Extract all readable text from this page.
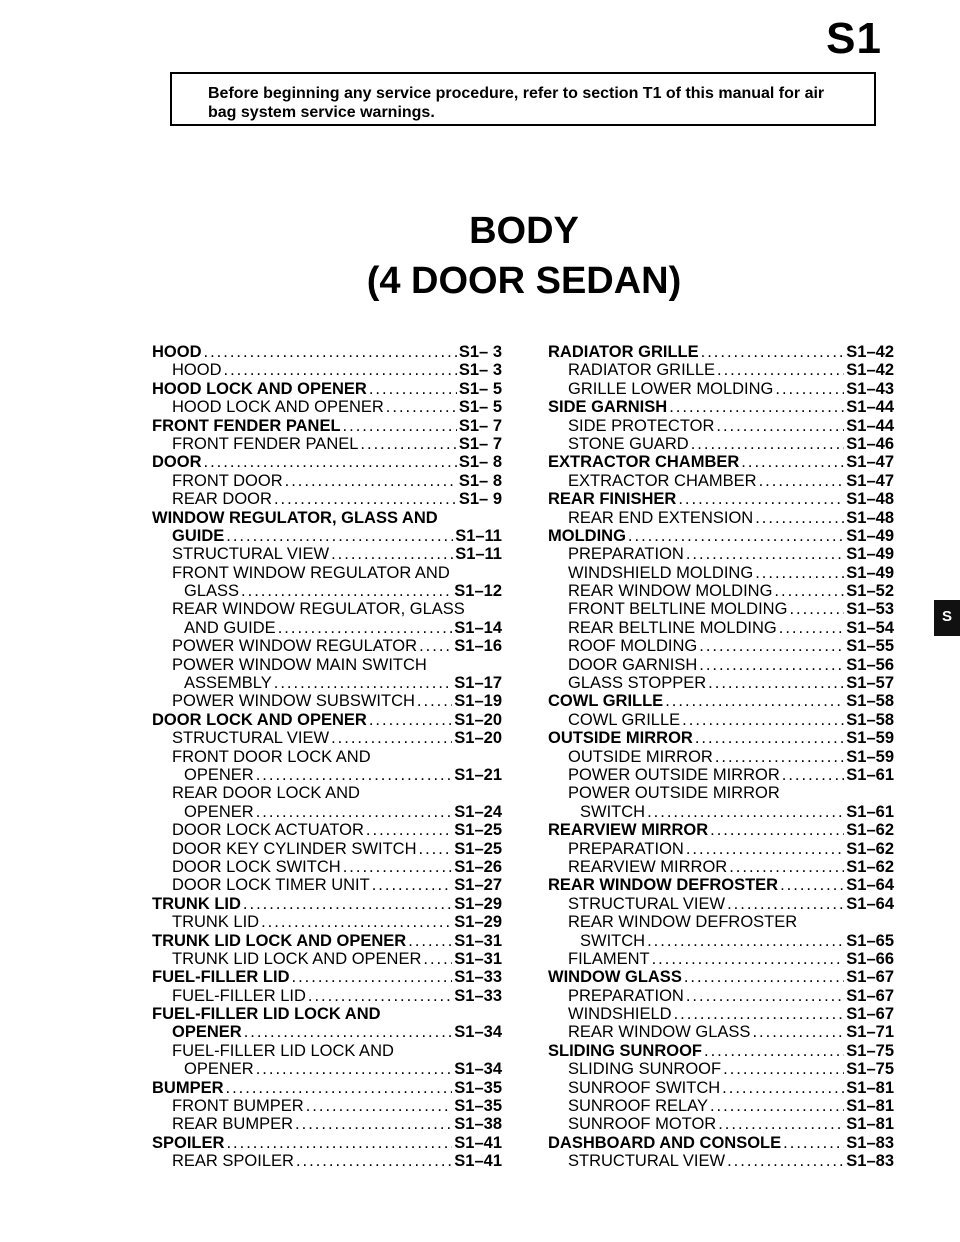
S1
Before beginning any service procedure, refer to section T1 of this manual for air bag system service warnings.
BODY
(4 DOOR SEDAN)
HOOD .....	S1– 3
HOOD .....	S1– 3
HOOD LOCK AND OPENER .....	S1– 5
HOOD LOCK AND OPENER .....	S1– 5
FRONT FENDER PANEL .....	S1– 7
FRONT FENDER PANEL .....	S1– 7
DOOR .....	S1– 8
FRONT DOOR .....	S1– 8
REAR DOOR .....	S1– 9
WINDOW REGULATOR, GLASS AND
GUIDE .....	S1–11
STRUCTURAL VIEW .....	S1–11
FRONT WINDOW REGULATOR AND
GLASS .....	S1–12
REAR WINDOW REGULATOR, GLASS
AND GUIDE .....	S1–14
POWER WINDOW REGULATOR ..... S1–16
POWER WINDOW MAIN SWITCH
ASSEMBLY .....	S1–17
POWER WINDOW SUBSWITCH ..... S1–19
DOOR LOCK AND OPENER .....	S1–20
STRUCTURAL VIEW .....	S1–20
FRONT DOOR LOCK AND
OPENER .....	S1–21
REAR DOOR LOCK AND
OPENER .....	S1–24
DOOR LOCK ACTUATOR .....	S1–25
DOOR KEY CYLINDER SWITCH ..... S1–25
DOOR LOCK SWITCH .....	S1–26
DOOR LOCK TIMER UNIT .....	S1–27
TRUNK LID .....	S1–29
TRUNK LID .....	S1–29
TRUNK LID LOCK AND OPENER .....	S1–31
TRUNK LID LOCK AND OPENER ..... S1–31
FUEL-FILLER LID .....	S1–33
FUEL-FILLER LID .....	S1–33
FUEL-FILLER LID LOCK AND
OPENER .....	S1–34
FUEL-FILLER LID LOCK AND
OPENER .....	S1–34
BUMPER .....	S1–35
FRONT BUMPER .....	S1–35
REAR BUMPER .....	S1–38
SPOILER .....	S1–41
REAR SPOILER .....	S1–41
RADIATOR GRILLE .....	S1–42
RADIATOR GRILLE .....	S1–42
GRILLE LOWER MOLDING .....	S1–43
SIDE GARNISH .....	S1–44
SIDE PROTECTOR .....	S1–44
STONE GUARD .....	S1–46
EXTRACTOR CHAMBER .....	S1–47
EXTRACTOR CHAMBER .....	S1–47
REAR FINISHER .....	S1–48
REAR END EXTENSION .....	S1–48
MOLDING .....	S1–49
PREPARATION .....	S1–49
WINDSHIELD MOLDING .....	S1–49
REAR WINDOW MOLDING .....	S1–52
FRONT BELTLINE MOLDING .....	S1–53
REAR BELTLINE MOLDING .....	S1–54
ROOF MOLDING .....	S1–55
DOOR GARNISH .....	S1–56
GLASS STOPPER .....	S1–57
COWL GRILLE .....	S1–58
COWL GRILLE .....	S1–58
OUTSIDE MIRROR .....	S1–59
OUTSIDE MIRROR .....	S1–59
POWER OUTSIDE MIRROR .....	S1–61
POWER OUTSIDE MIRROR
SWITCH .....	S1–61
REARVIEW MIRROR .....	S1–62
PREPARATION .....	S1–62
REARVIEW MIRROR .....	S1–62
REAR WINDOW DEFROSTER .....	S1–64
STRUCTURAL VIEW .....	S1–64
REAR WINDOW DEFROSTER
SWITCH .....	S1–65
FILAMENT .....	S1–66
WINDOW GLASS .....	S1–67
PREPARATION .....	S1–67
WINDSHIELD .....	S1–67
REAR WINDOW GLASS .....	S1–71
SLIDING SUNROOF .....	S1–75
SLIDING SUNROOF .....	S1–75
SUNROOF SWITCH .....	S1–81
SUNROOF RELAY .....	S1–81
SUNROOF MOTOR .....	S1–81
DASHBOARD AND CONSOLE .....	S1–83
STRUCTURAL VIEW .....	S1–83
S
